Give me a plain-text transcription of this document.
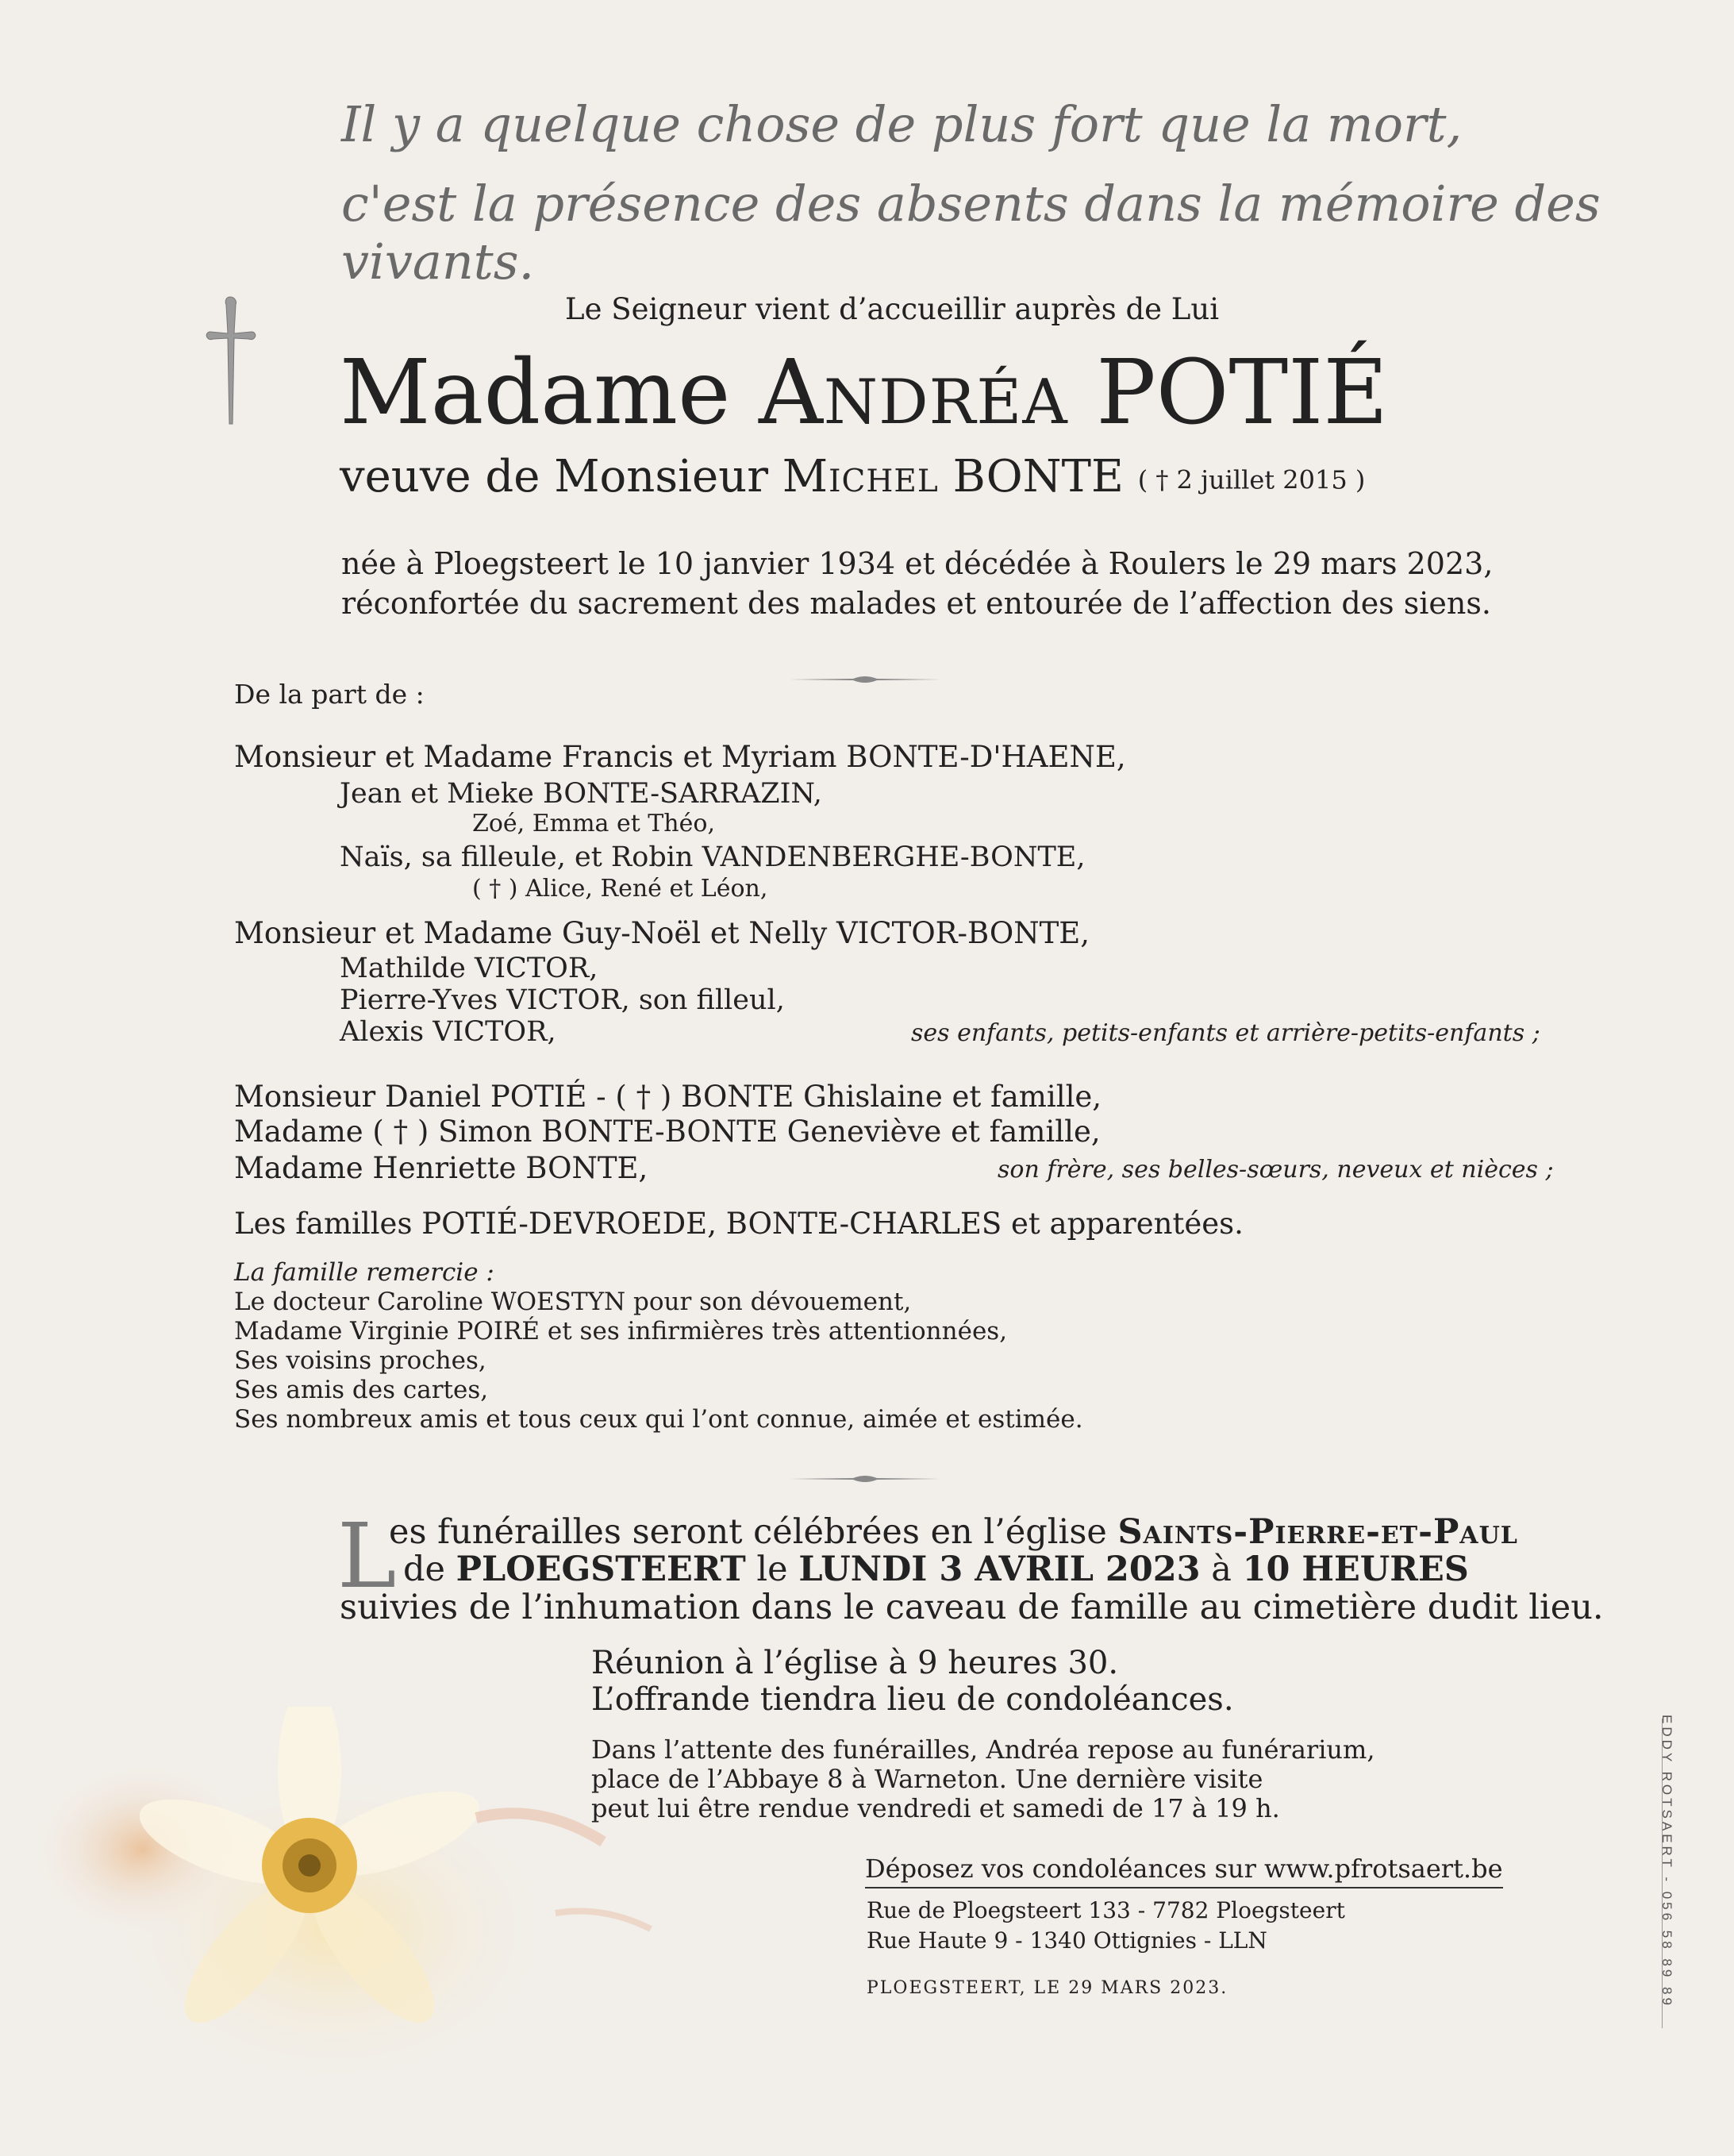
Il y a quelque chose de plus fort que la mort,
c'est la présence des absents dans la mémoire des vivants.
Le Seigneur vient d’accueillir auprès de Lui
Madame Andréa POTIÉ
veuve de Monsieur Michel BONTE ( † 2 juillet 2015 )
née à Ploegsteert le 10 janvier 1934 et décédée à Roulers le 29 mars 2023,
réconfortée du sacrement des malades et entourée de l’affection des siens.
De la part de :
Monsieur et Madame Francis et Myriam BONTE-D'HAENE,
Jean et Mieke BONTE-SARRAZIN,
Zoé, Emma et Théo,
Naïs, sa filleule, et Robin VANDENBERGHE-BONTE,
( † ) Alice, René et Léon,
Monsieur et Madame Guy-Noël et Nelly VICTOR-BONTE,
Mathilde VICTOR,
Pierre-Yves VICTOR, son filleul,
Alexis VICTOR,	ses enfants, petits-enfants et arrière-petits-enfants ;
Monsieur Daniel POTIÉ - ( † ) BONTE Ghislaine et famille,
Madame ( † ) Simon BONTE-BONTE Geneviève et famille,
Madame Henriette BONTE,	son frère, ses belles-sœurs, neveux et nièces ;
Les familles POTIÉ-DEVROEDE, BONTE-CHARLES et apparentées.
La famille remercie :
Le docteur Caroline WOESTYN pour son dévouement,
Madame Virginie POIRÉ et ses infirmières très attentionnées,
Ses voisins proches,
Ses amis des cartes,
Ses nombreux amis et tous ceux qui l’ont connue, aimée et estimée.
L
es funérailles seront célébrées en l’église Saints-Pierre-et-Paul
de PLOEGSTEERT le LUNDI 3 AVRIL 2023 à 10 HEURES
suivies de l’inhumation dans le caveau de famille au cimetière dudit lieu.
Réunion à l’église à 9 heures 30.
L’offrande tiendra lieu de condoléances.
Dans l’attente des funérailles, Andréa repose au funérarium,
place de l’Abbaye 8 à Warneton. Une dernière visite
peut lui être rendue vendredi et samedi de 17 à 19 h.
Déposez vos condoléances sur www.pfrotsaert.be
Rue de Ploegsteert 133 - 7782 Ploegsteert
Rue Haute 9 - 1340 Ottignies - LLN
PLOEGSTEERT, LE 29 MARS 2023.	EDDY ROTSAERT - 056 58 89 89
